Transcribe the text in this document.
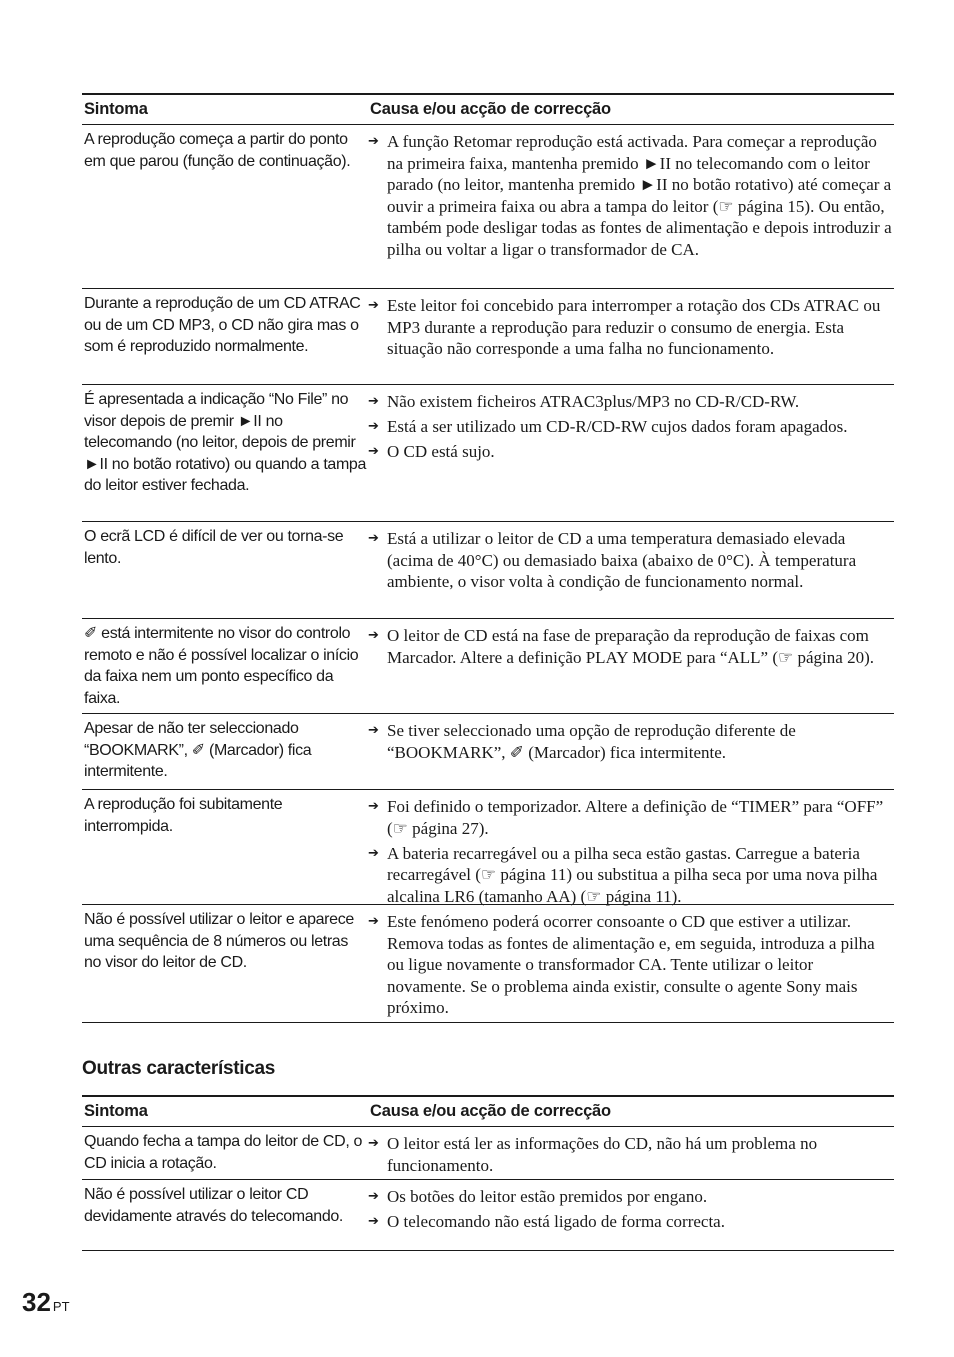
Sintoma	Causa e/ou acção de correcção
A reprodução começa a partir do ponto em que parou (função de continuação).
➔ A função Retomar reprodução está activada. Para começar a reprodução na primeira faixa, mantenha premido ►II no telecomando com o leitor parado (no leitor, mantenha premido ►II no botão rotativo) até começar a ouvir a primeira faixa ou abra a tampa do leitor (☞ página 15). Ou então, também pode desligar todas as fontes de alimentação e depois introduzir a pilha ou voltar a ligar o transformador de CA.
Durante a reprodução de um CD ATRAC ou de um CD MP3, o CD não gira mas o som é reproduzido normalmente.
➔ Este leitor foi concebido para interromper a rotação dos CDs ATRAC ou MP3 durante a reprodução para reduzir o consumo de energia. Esta situação não corresponde a uma falha no funcionamento.
É apresentada a indicação “No File” no visor depois de premir ►II no telecomando (no leitor, depois de premir ►II no botão rotativo) ou quando a tampa do leitor estiver fechada.
➔ Não existem ficheiros ATRAC3plus/MP3 no CD-R/CD-RW.
➔ Está a ser utilizado um CD-R/CD-RW cujos dados foram apagados.
➔ O CD está sujo.
O ecrã LCD é difícil de ver ou torna-se lento.
➔ Está a utilizar o leitor de CD a uma temperatura demasiado elevada (acima de 40°C) ou demasiado baixa (abaixo de 0°C). À temperatura ambiente, o visor volta à condição de funcionamento normal.
✐ está intermitente no visor do controlo remoto e não é possível localizar o início da faixa nem um ponto específico da faixa.
➔ O leitor de CD está na fase de preparação da reprodução de faixas com Marcador. Altere a definição PLAY MODE para “ALL” (☞ página 20).
Apesar de não ter seleccionado “BOOKMARK”, ✐ (Marcador) fica intermitente.
➔ Se tiver seleccionado uma opção de reprodução diferente de “BOOKMARK”, ✐ (Marcador) fica intermitente.
A reprodução foi subitamente interrompida.
➔ Foi definido o temporizador. Altere a definição de “TIMER” para “OFF” (☞ página 27).
➔ A bateria recarregável ou a pilha seca estão gastas. Carregue a bateria recarregável (☞ página 11) ou substitua a pilha seca por uma nova pilha alcalina LR6 (tamanho AA) (☞ página 11).
Não é possível utilizar o leitor e aparece uma sequência de 8 números ou letras no visor do leitor de CD.
➔ Este fenómeno poderá ocorrer consoante o CD que estiver a utilizar. Remova todas as fontes de alimentação e, em seguida, introduza a pilha ou ligue novamente o transformador CA. Tente utilizar o leitor novamente. Se o problema ainda existir, consulte o agente Sony mais próximo.
Outras características
Sintoma	Causa e/ou acção de correcção
Quando fecha a tampa do leitor de CD, o CD inicia a rotação.
➔ O leitor está ler as informações do CD, não há um problema no funcionamento.
Não é possível utilizar o leitor CD devidamente através do telecomando.
➔ Os botões do leitor estão premidos por engano.
➔ O telecomando não está ligado de forma correcta.
32 PT
